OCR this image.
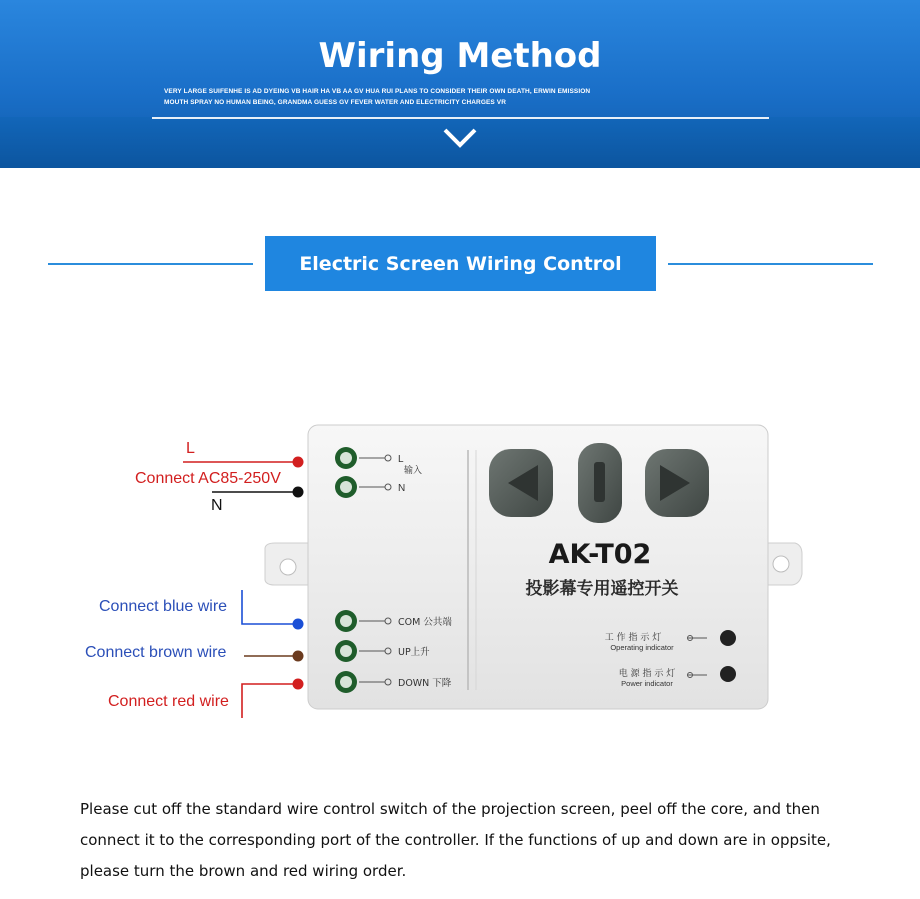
Wiring Method
VERY LARGE SUIFENHE IS AD DYEING VB HAIR HA VB AA GV HUA RUI PLANS TO CONSIDER THEIR OWN DEATH, ERWIN EMISSION
MOUTH SPRAY NO HUMAN BEING, GRANDMA GUESS GV FEVER WATER AND ELECTRICITY CHARGES VR
Electric Screen Wiring Control
L
输入
N
COM 公共端
UP上升
DOWN 下降
AK-T02
投影幕专用遥控开关
工 作 指 示 灯
Operating indicator
电 源 指 示 灯
Power indicator
L
Connect AC85-250V
N
Connect blue wire
Connect brown wire
Connect red wire
Please cut off the standard wire control switch of the projection screen, peel off the core, and then
connect it to the corresponding port of the controller. If the functions of up and down are in oppsite,
please turn the brown and red wiring order.
